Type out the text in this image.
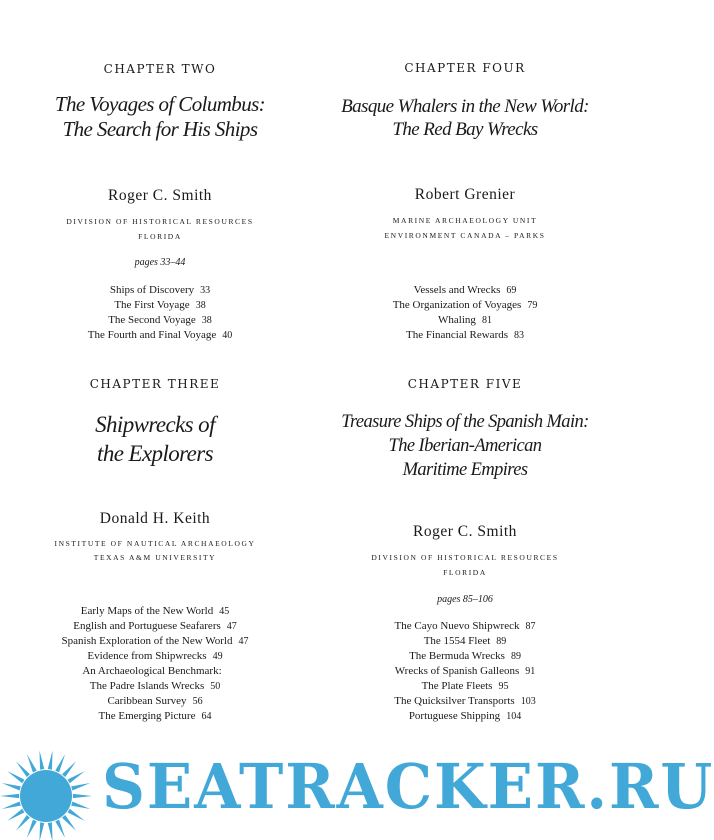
CHAPTER TWO
The Voyages of Columbus:
The Search for His Ships
Roger C. Smith
DIVISION OF HISTORICAL RESOURCES
FLORIDA
pages 33–44
Ships of Discovery 33
The First Voyage 38
The Second Voyage 38
The Fourth and Final Voyage 40
CHAPTER THREE
Shipwrecks of
the Explorers
Donald H. Keith
INSTITUTE OF NAUTICAL ARCHAEOLOGY
TEXAS A&M UNIVERSITY
Early Maps of the New World 45
English and Portuguese Seafarers 47
Spanish Exploration of the New World 47
Evidence from Shipwrecks 49
An Archaeological Benchmark:
The Padre Islands Wrecks 50
Caribbean Survey 56
The Emerging Picture 64
CHAPTER FOUR
Basque Whalers in the New World:
The Red Bay Wrecks
Robert Grenier
MARINE ARCHAEOLOGY UNIT
ENVIRONMENT CANADA – PARKS
Vessels and Wrecks 69
The Organization of Voyages 79
Whaling 81
The Financial Rewards 83
CHAPTER FIVE
Treasure Ships of the Spanish Main:
The Iberian-American
Maritime Empires
Roger C. Smith
DIVISION OF HISTORICAL RESOURCES
FLORIDA
pages 85–106
The Cayo Nuevo Shipwreck 87
The 1554 Fleet 89
The Bermuda Wrecks 89
Wrecks of Spanish Galleons 91
The Plate Fleets 95
The Quicksilver Transports 103
Portuguese Shipping 104
SEATRACKER.RU
